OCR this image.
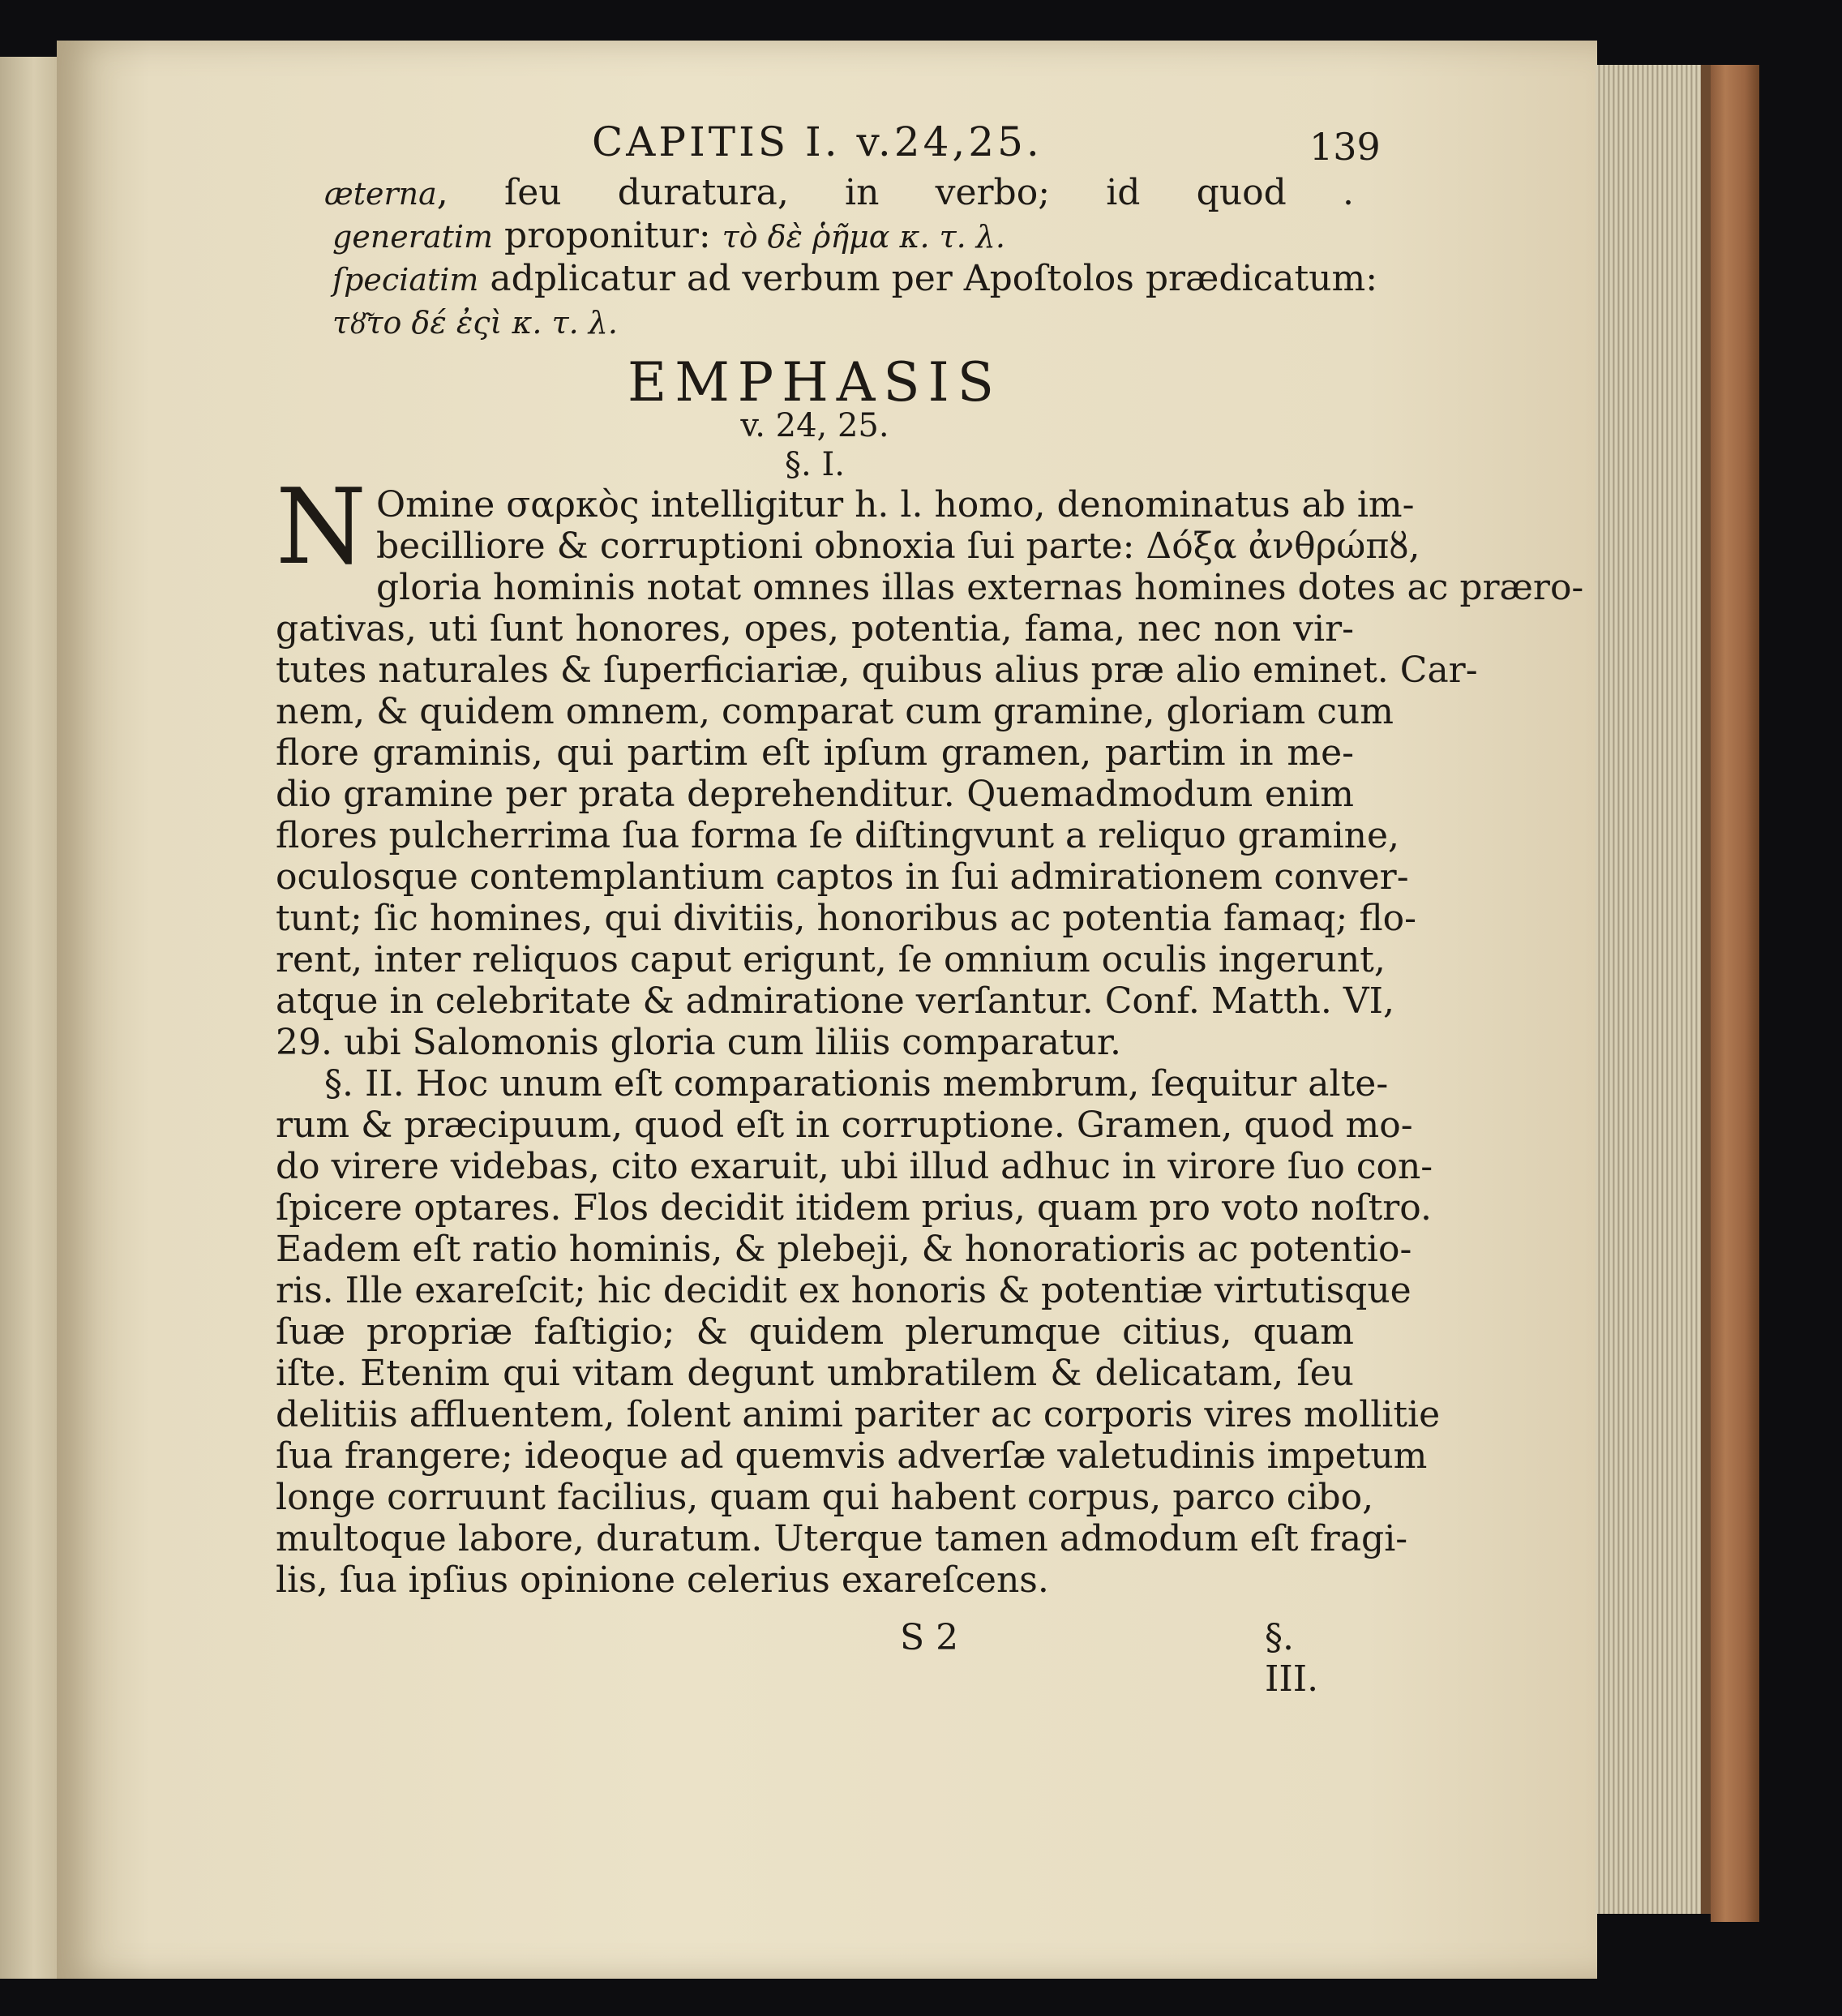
CAPITIS I. v.24,25.	139
æterna, ſeu duratura, in verbo; id quod .
generatim proponitur: τὸ δὲ ῥῆμα κ. τ. λ.
ſpeciatim adplicatur ad verbum per Apoſtolos prædicatum:
τȣ͂το δέ ἐςὶ κ. τ. λ.
EMPHASIS
v. 24, 25.
§. I.
N Omine σαρκὸς intelligitur h. l. homo, denominatus ab im-
becilliore & corruptioni obnoxia ſui parte: Δόξα ἀνθρώπȣ,
gloria hominis notat omnes illas externas homines dotes ac præro-
gativas, uti ſunt honores, opes, potentia, fama, nec non vir-
tutes naturales & ſuperficiariæ, quibus alius præ alio eminet. Car-
nem, & quidem omnem, comparat cum gramine, gloriam cum
flore graminis, qui partim eſt ipſum gramen, partim in me-
dio gramine per prata deprehenditur. Quemadmodum enim
flores pulcherrima ſua forma ſe diſtingvunt a reliquo gramine,
oculosque contemplantium captos in ſui admirationem conver-
tunt; ſic homines, qui divitiis, honoribus ac potentia famaq; flo-
rent, inter reliquos caput erigunt, ſe omnium oculis ingerunt,
atque in celebritate & admiratione verſantur. Conf. Matth. VI,
29. ubi Salomonis gloria cum liliis comparatur.
§. II. Hoc unum eſt comparationis membrum, ſequitur alte-
rum & præcipuum, quod eſt in corruptione. Gramen, quod mo-
do virere videbas, cito exaruit, ubi illud adhuc in virore ſuo con-
ſpicere optares. Flos decidit itidem prius, quam pro voto noſtro.
Eadem eſt ratio hominis, & plebeji, & honoratioris ac potentio-
ris. Ille exareſcit; hic decidit ex honoris & potentiæ virtutisque
ſuæ propriæ faſtigio; & quidem plerumque citius, quam
iſte. Etenim qui vitam degunt umbratilem & delicatam, ſeu
delitiis affluentem, ſolent animi pariter ac corporis vires mollitie
ſua frangere; ideoque ad quemvis adverſæ valetudinis impetum
longe corruunt facilius, quam qui habent corpus, parco cibo,
multoque labore, duratum. Uterque tamen admodum eſt fragi-
lis, ſua ipſius opinione celerius exareſcens.
S 2	§. III.
